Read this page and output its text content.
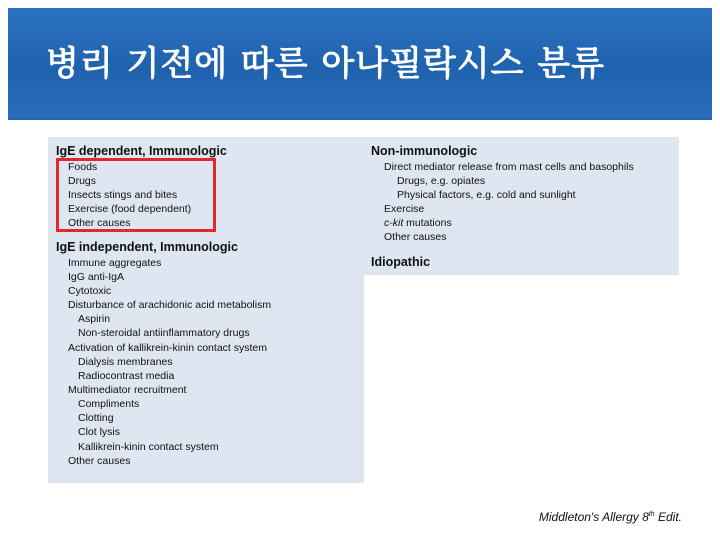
병리 기전에 따른 아나필락시스 분류
IgE dependent, Immunologic
Foods
Drugs
Insects stings and bites
Exercise (food dependent)
Other causes
IgE independent, Immunologic
Immune aggregates
IgG anti-IgA
Cytotoxic
Disturbance of arachidonic acid metabolism
Aspirin
Non-steroidal antiinflammatory drugs
Activation of kallikrein-kinin contact system
Dialysis membranes
Radiocontrast media
Multimediator recruitment
Compliments
Clotting
Clot lysis
Kallikrein-kinin contact system
Other causes
Non-immunologic
Direct mediator release from mast cells and basophils
Drugs, e.g. opiates
Physical factors, e.g. cold and sunlight
Exercise
c-kit mutations
Other causes
Idiopathic
Middleton's Allergy 8th Edit.
